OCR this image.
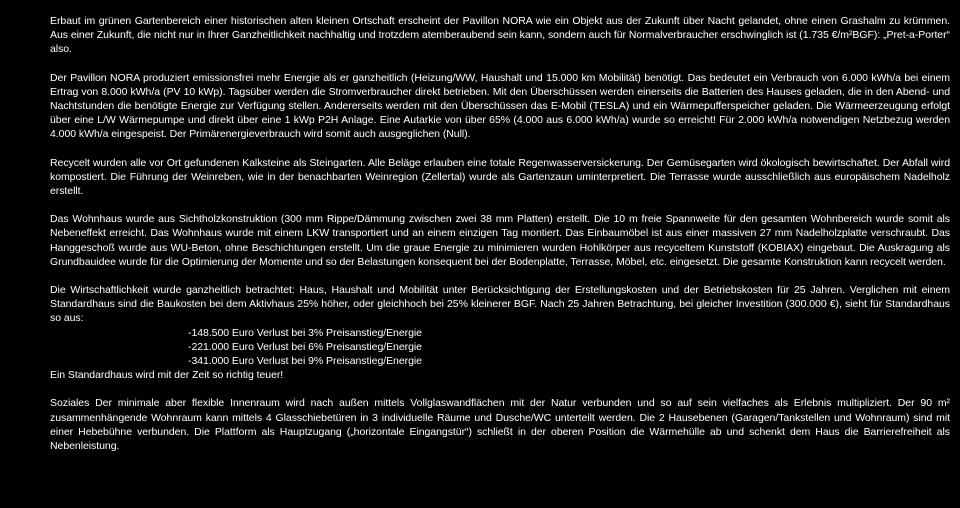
Erbaut im grünen Gartenbereich einer historischen alten kleinen Ortschaft erscheint der Pavillon NORA wie ein Objekt aus der Zukunft über Nacht gelandet, ohne einen Grashalm zu krümmen. Aus einer Zukunft, die nicht nur in Ihrer Ganzheitlichkeit nachhaltig und trotzdem atemberaubend sein kann, sondern auch für Normalverbraucher erschwinglich ist (1.735 €/m²BGF): „Pret-a-Porter“ also.

Der Pavillon NORA produziert emissionsfrei mehr Energie als er ganzheitlich (Heizung/WW, Haushalt und 15.000 km Mobilität) benötigt. Das bedeutet ein Verbrauch von 6.000 kWh/a bei einem Ertrag von 8.000 kWh/a (PV 10 kWp). Tagsüber werden die Stromverbraucher direkt betrieben. Mit den Überschüssen werden einerseits die Batterien des Hauses geladen, die in den Abend- und Nachtstunden die benötigte Energie zur Verfügung stellen. Andererseits werden mit den Überschüssen das E-Mobil (TESLA) und ein Wärmepufferspeicher geladen. Die Wärmeerzeugung erfolgt über eine L/W Wärmepumpe und direkt über eine 1 kWp P2H Anlage. Eine Autarkie von über 65% (4.000 aus 6.000 kWh/a) wurde so erreicht! Für 2.000 kWh/a notwendigen Netzbezug werden 4.000 kWh/a eingespeist. Der Primärenergieverbrauch wird somit auch ausgeglichen (Null).

Recycelt wurden alle vor Ort gefundenen Kalksteine als Steingarten. Alle Beläge erlauben eine totale Regenwasserversickerung. Der Gemüsegarten wird ökologisch bewirtschaftet. Der Abfall wird kompostiert. Die Führung der Weinreben, wie in der benachbarten Weinregion (Zellertal) wurde als Gartenzaun uminterpretiert. Die Terrasse wurde ausschließlich aus europäischem Nadelholz erstellt.

Das Wohnhaus wurde aus Sichtholzkonstruktion (300 mm Rippe/Dämmung zwischen zwei 38 mm Platten) erstellt. Die 10 m freie Spannweite für den gesamten Wohnbereich wurde somit als Nebeneffekt erreicht. Das Wohnhaus wurde mit einem LKW transportiert und an einem einzigen Tag montiert. Das Einbaumöbel ist aus einer massiven 27 mm Nadelholzplatte verschraubt. Das Hanggeschoß wurde aus WU-Beton, ohne Beschichtungen erstellt. Um die graue Energie zu minimieren wurden Hohlkörper aus recyceltem Kunststoff (KOBIAX) eingebaut. Die Auskragung als Grundbauidee wurde für die Optimierung der Momente und so der Belastungen konsequent bei der Bodenplatte, Terrasse, Möbel, etc. eingesetzt. Die gesamte Konstruktion kann recycelt werden.

Die Wirtschaftlichkeit wurde ganzheitlich betrachtet: Haus, Haushalt und Mobilität unter Berücksichtigung der Erstellungskosten und der Betriebskosten für 25 Jahren. Verglichen mit einem Standardhaus sind die Baukosten bei dem Aktivhaus 25% höher, oder gleichhoch bei 25% kleinerer BGF. Nach 25 Jahren Betrachtung, bei gleicher Investition (300.000 €), sieht für Standardhaus so aus:
-148.500 Euro Verlust bei 3% Preisanstieg/Energie
-221.000 Euro Verlust bei 6% Preisanstieg/Energie
-341.000 Euro Verlust bei 9% Preisanstieg/Energie
Ein Standardhaus wird mit der Zeit so richtig teuer!

Soziales Der minimale aber flexible Innenraum wird nach außen mittels Vollglaswandflächen mit der Natur verbunden und so auf sein vielfaches als Erlebnis multipliziert. Der 90 m² zusammenhängende Wohnraum kann mittels 4 Glasschiebetüren in 3 individuelle Räume und Dusche/WC unterteilt werden. Die 2 Hausebenen (Garagen/Tankstellen und Wohnraum) sind mit einer Hebebühne verbunden. Die Plattform als Hauptzugang („horizontale Eingangstür“) schließt in der oberen Position die Wärmehülle ab und schenkt dem Haus die Barrierefreiheit als Nebenleistung.
